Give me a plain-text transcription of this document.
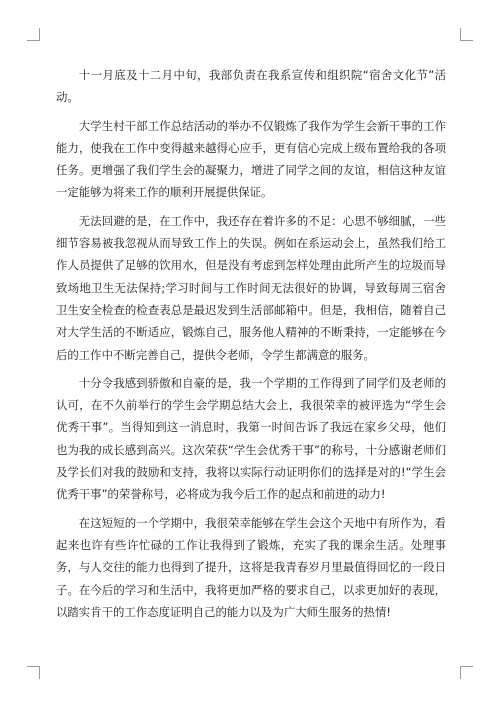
十一月底及十二月中旬，我部负责在我系宣传和组织院“宿舍文化节”活动。

大学生村干部工作总结活动的举办不仅锻炼了我作为学生会新干事的工作能力，使我在工作中变得越来越得心应手，更有信心完成上级布置给我的各项任务。更增强了我们学生会的凝聚力，增进了同学之间的友谊，相信这种友谊一定能够为将来工作的顺利开展提供保证。

无法回避的是，在工作中，我还存在着许多的不足：心思不够细腻，一些细节容易被我忽视从而导致工作上的失误。例如在系运动会上，虽然我们给工作人员提供了足够的饮用水，但是没有考虑到怎样处理由此所产生的垃圾而导致场地卫生无法保持;学习时间与工作时间无法很好的协调，导致每周三宿舍卫生安全检查的检查表总是最迟发到生活部邮箱中。但是，我相信，随着自己对大学生活的不断适应，锻炼自己，服务他人精神的不断秉持，一定能够在今后的工作中不断完善自己，提供令老师，令学生都满意的服务。

十分令我感到骄傲和自豪的是，我一个学期的工作得到了同学们及老师的认可，在不久前举行的学生会学期总结大会上，我很荣幸的被评选为“学生会优秀干事”。当得知到这一消息时，我第一时间告诉了我远在家乡父母，他们也为我的成长感到高兴。这次荣获“学生会优秀干事”的称号，十分感谢老师们及学长们对我的鼓励和支持，我将以实际行动证明你们的选择是对的!“学生会优秀干事”的荣誉称号，必将成为我今后工作的起点和前进的动力!

在这短短的一个学期中，我很荣幸能够在学生会这个天地中有所作为，看起来也许有些许忙碌的工作让我得到了锻炼，充实了我的课余生活。处理事务，与人交往的能力也得到了提升，这将是我青春岁月里最值得回忆的一段日子。在今后的学习和生活中，我将更加严格的要求自己，以求更加好的表现，以踏实肯干的工作态度证明自己的能力以及为广大师生服务的热情!
